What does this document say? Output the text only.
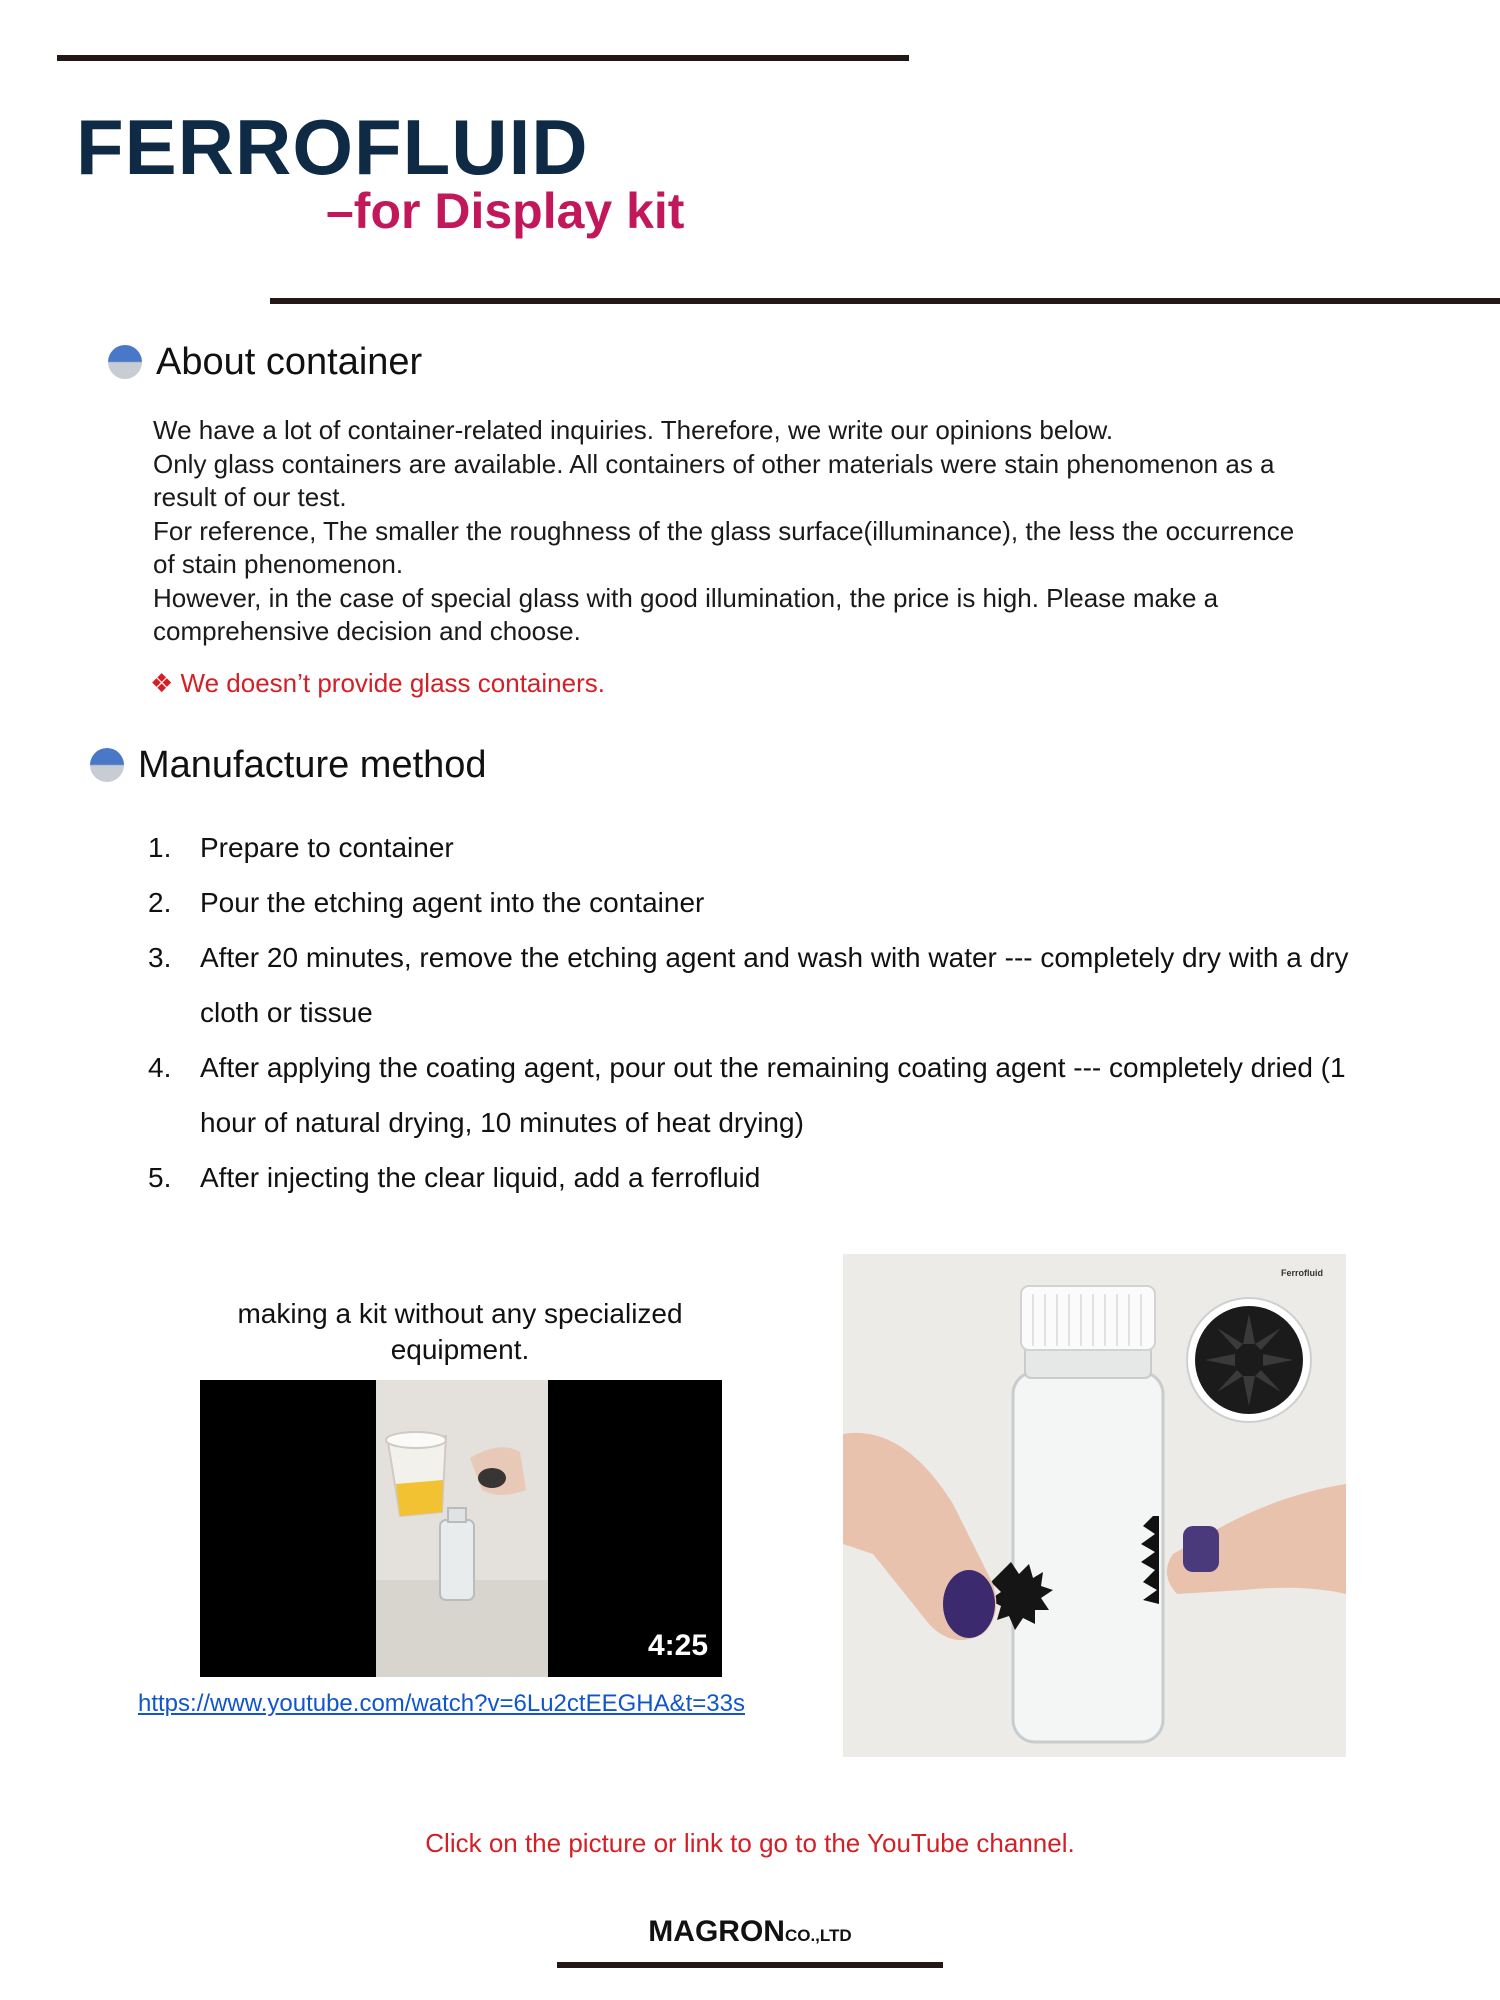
FERROFLUID
–for Display kit
About container
We have a lot of container-related inquiries. Therefore, we write our opinions below.
Only glass containers are available. All containers of other materials were stain phenomenon as a
result of our test.
For reference, The smaller the roughness of the glass surface(illuminance), the less the occurrence
of stain phenomenon.
However, in the case of special glass with good illumination, the price is high. Please make a
comprehensive decision and choose.
❖ We doesn’t provide glass containers.
Manufacture method
1.	Prepare to container
2.	Pour the etching agent into the container
3.	After 20 minutes, remove the etching agent and wash with water --- completely dry with a dry cloth or tissue
4.	After applying the coating agent, pour out the remaining coating agent --- completely dried (1 hour of natural drying, 10 minutes of heat drying)
5.	After injecting the clear liquid, add a ferrofluid
making a kit without any specialized
equipment.
4:25
https://www.youtube.com/watch?v=6Lu2ctEEGHA&t=33s
Ferrofluid
Click on the picture or link to go to the YouTube channel.
MAGRONCO.,LTD
